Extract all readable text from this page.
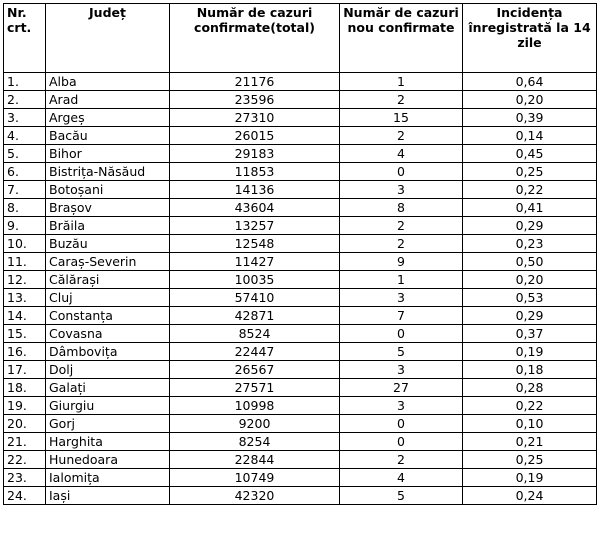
Nr. crt.	Județ	Număr de cazuri confirmate(total)	Număr de cazuri nou confirmate	Incidența înregistrată la 14 zile
1.	Alba	21176	1	0,64
2.	Arad	23596	2	0,20
3.	Argeș	27310	15	0,39
4.	Bacău	26015	2	0,14
5.	Bihor	29183	4	0,45
6.	Bistrița-Năsăud	11853	0	0,25
7.	Botoșani	14136	3	0,22
8.	Brașov	43604	8	0,41
9.	Brăila	13257	2	0,29
10.	Buzău	12548	2	0,23
11.	Caraș-Severin	11427	9	0,50
12.	Călărași	10035	1	0,20
13.	Cluj	57410	3	0,53
14.	Constanța	42871	7	0,29
15.	Covasna	8524	0	0,37
16.	Dâmbovița	22447	5	0,19
17.	Dolj	26567	3	0,18
18.	Galați	27571	27	0,28
19.	Giurgiu	10998	3	0,22
20.	Gorj	9200	0	0,10
21.	Harghita	8254	0	0,21
22.	Hunedoara	22844	2	0,25
23.	Ialomița	10749	4	0,19
24.	Iași	42320	5	0,24
